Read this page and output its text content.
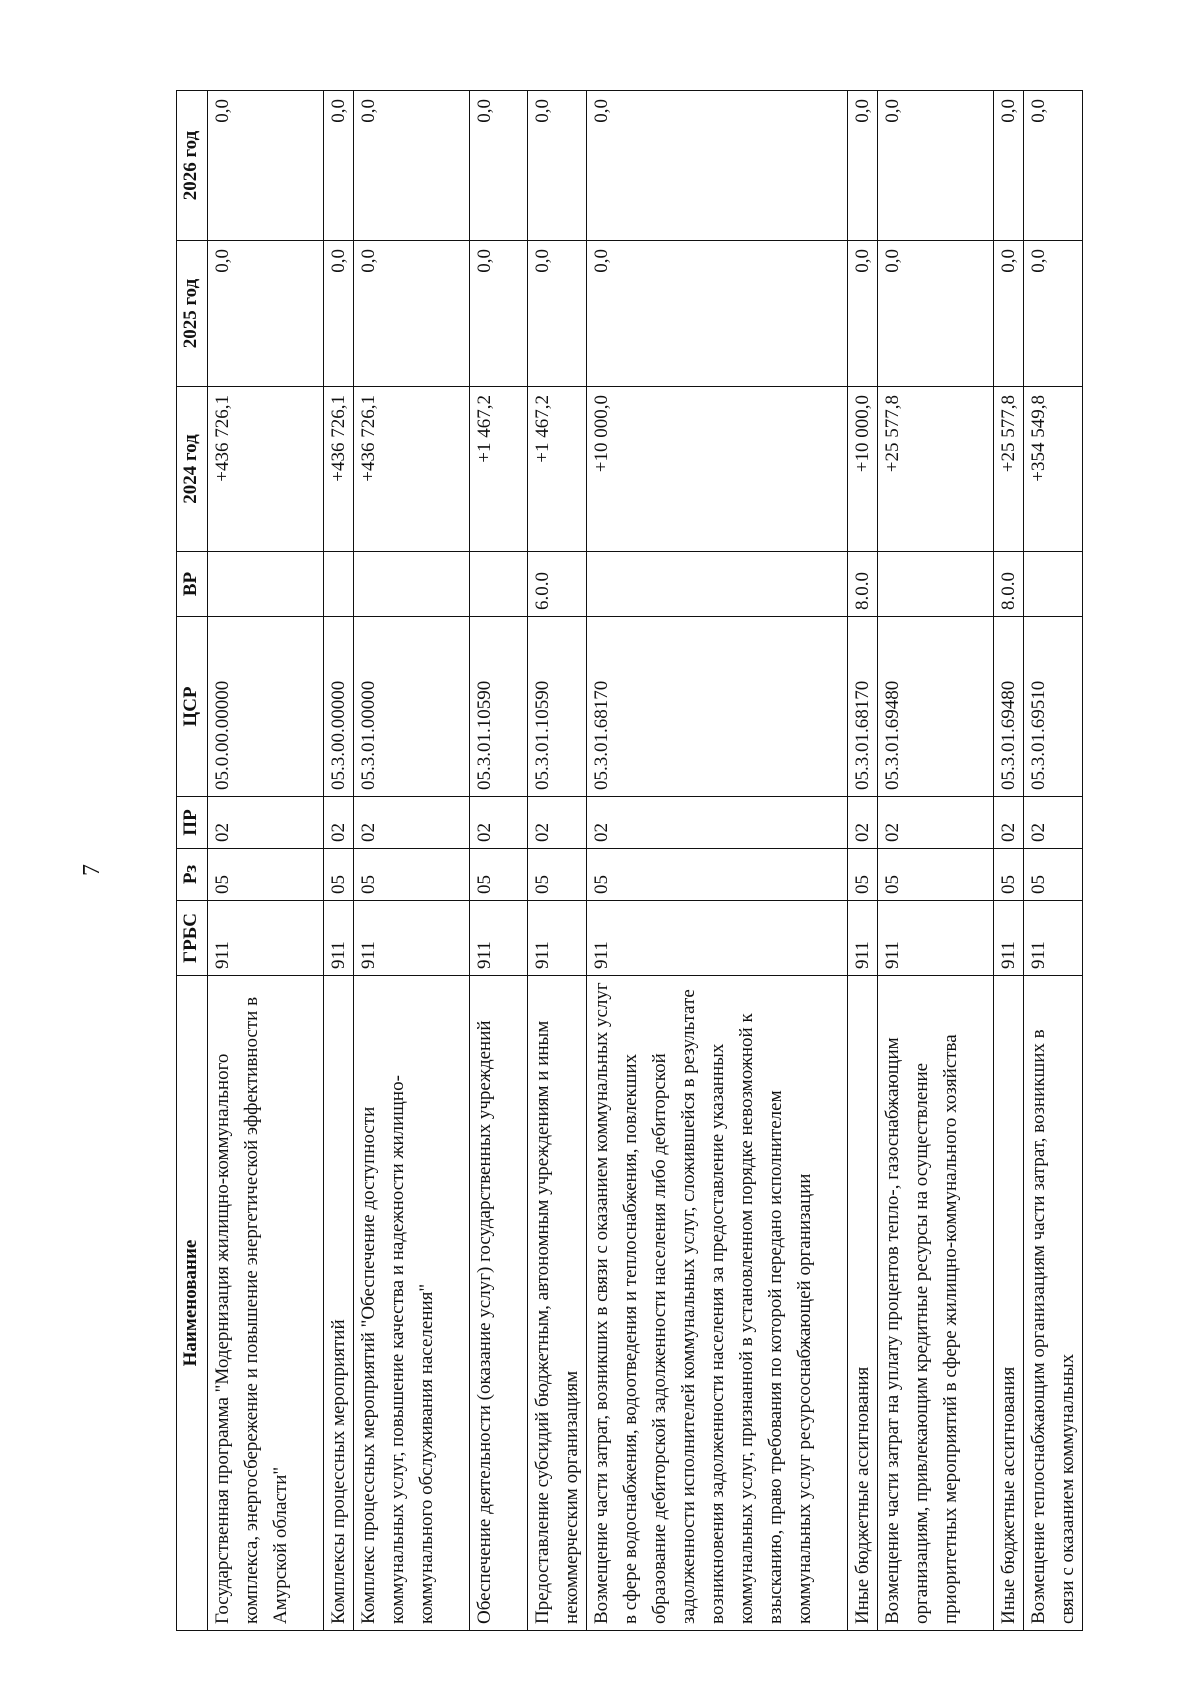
7
Наименование	ГРБС	Рз	ПР	ЦСР	ВР	2024 год	2025 год	2026 год
Государственная программа "Модернизация жилищно-коммунального комплекса, энергосбережение и повышение энергетической эффективности в Амурской области"	911	05	02	05.0.00.00000		+436 726,1	0,0	0,0
Комплексы процессных мероприятий	911	05	02	05.3.00.00000		+436 726,1	0,0	0,0
Комплекс процессных мероприятий "Обеспечение доступности коммунальных услуг, повышение качества и надежности жилищно-коммунального обслуживания населения"	911	05	02	05.3.01.00000		+436 726,1	0,0	0,0
Обеспечение деятельности (оказание услуг) государственных учреждений	911	05	02	05.3.01.10590		+1 467,2	0,0	0,0
Предоставление субсидий бюджетным, автономным учреждениям и иным некоммерческим организациям	911	05	02	05.3.01.10590	6.0.0	+1 467,2	0,0	0,0
Возмещение части затрат, возникших в связи с оказанием коммунальных услуг в сфере водоснабжения, водоотведения и теплоснабжения, повлекших образование дебиторской задолженности населения либо дебиторской задолженности исполнителей коммунальных услуг, сложившейся в результате возникновения задолженности населения за предоставление указанных коммунальных услуг, признанной в установленном порядке невозможной к взысканию, право требования по которой передано исполнителем коммунальных услуг ресурсоснабжающей организации	911	05	02	05.3.01.68170		+10 000,0	0,0	0,0
Иные бюджетные ассигнования	911	05	02	05.3.01.68170	8.0.0	+10 000,0	0,0	0,0
Возмещение части затрат на уплату процентов тепло-, газоснабжающим организациям, привлекающим кредитные ресурсы на осуществление приоритетных мероприятий в сфере жилищно-коммунального хозяйства	911	05	02	05.3.01.69480		+25 577,8	0,0	0,0
Иные бюджетные ассигнования	911	05	02	05.3.01.69480	8.0.0	+25 577,8	0,0	0,0
Возмещение теплоснабжающим организациям части затрат, возникших в связи с оказанием коммунальных	911	05	02	05.3.01.69510		+354 549,8	0,0	0,0
